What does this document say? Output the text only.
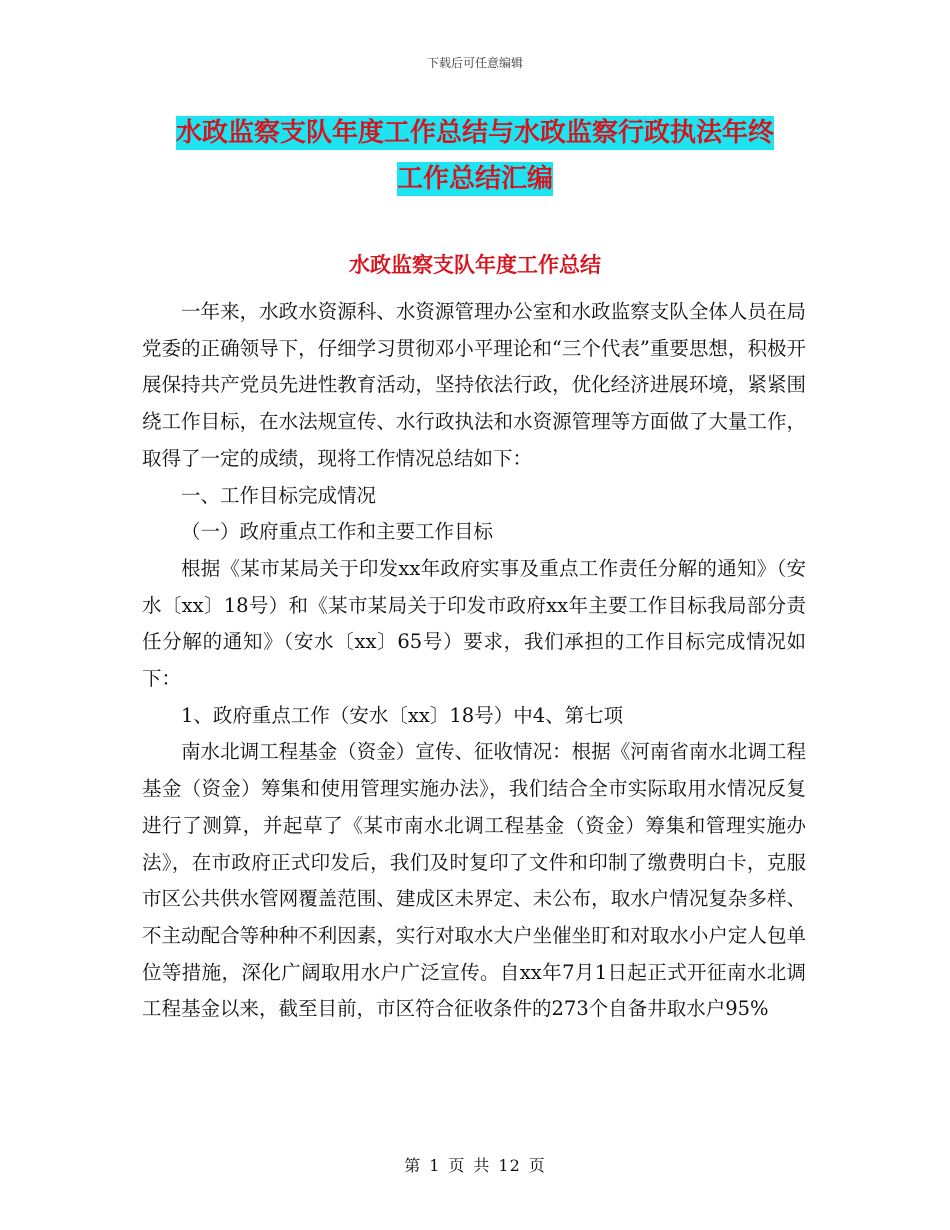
下载后可任意编辑
水政监察支队年度工作总结与水政监察行政执法年终
工作总结汇编
水政监察支队年度工作总结

一年来，水政水资源科、水资源管理办公室和水政监察支队全体人员在局党委的正确领导下，仔细学习贯彻邓小平理论和“三个代表”重要思想，积极开展保持共产党员先进性教育活动，坚持依法行政，优化经济进展环境，紧紧围绕工作目标，在水法规宣传、水行政执法和水资源管理等方面做了大量工作，取得了一定的成绩，现将工作情况总结如下：

一、工作目标完成情况

（一）政府重点工作和主要工作目标

根据《某市某局关于印发xx年政府实事及重点工作责任分解的通知》（安水〔xx〕18号）和《某市某局关于印发市政府xx年主要工作目标我局部分责任分解的通知》（安水〔xx〕65号）要求，我们承担的工作目标完成情况如下：

1、政府重点工作（安水〔xx〕18号）中4、第七项

南水北调工程基金（资金）宣传、征收情况：根据《河南省南水北调工程基金（资金）筹集和使用管理实施办法》，我们结合全市实际取用水情况反复进行了测算，并起草了《某市南水北调工程基金（资金）筹集和管理实施办法》，在市政府正式印发后，我们及时复印了文件和印制了缴费明白卡，克服市区公共供水管网覆盖范围、建成区未界定、未公布，取水户情况复杂多样、不主动配合等种种不利因素，实行对取水大户坐催坐盯和对取水小户定人包单位等措施，深化广阔取用水户广泛宣传。自xx年7月1日起正式开征南水北调工程基金以来，截至目前，市区符合征收条件的273个自备井取水户95%

第 1 页 共 12 页
